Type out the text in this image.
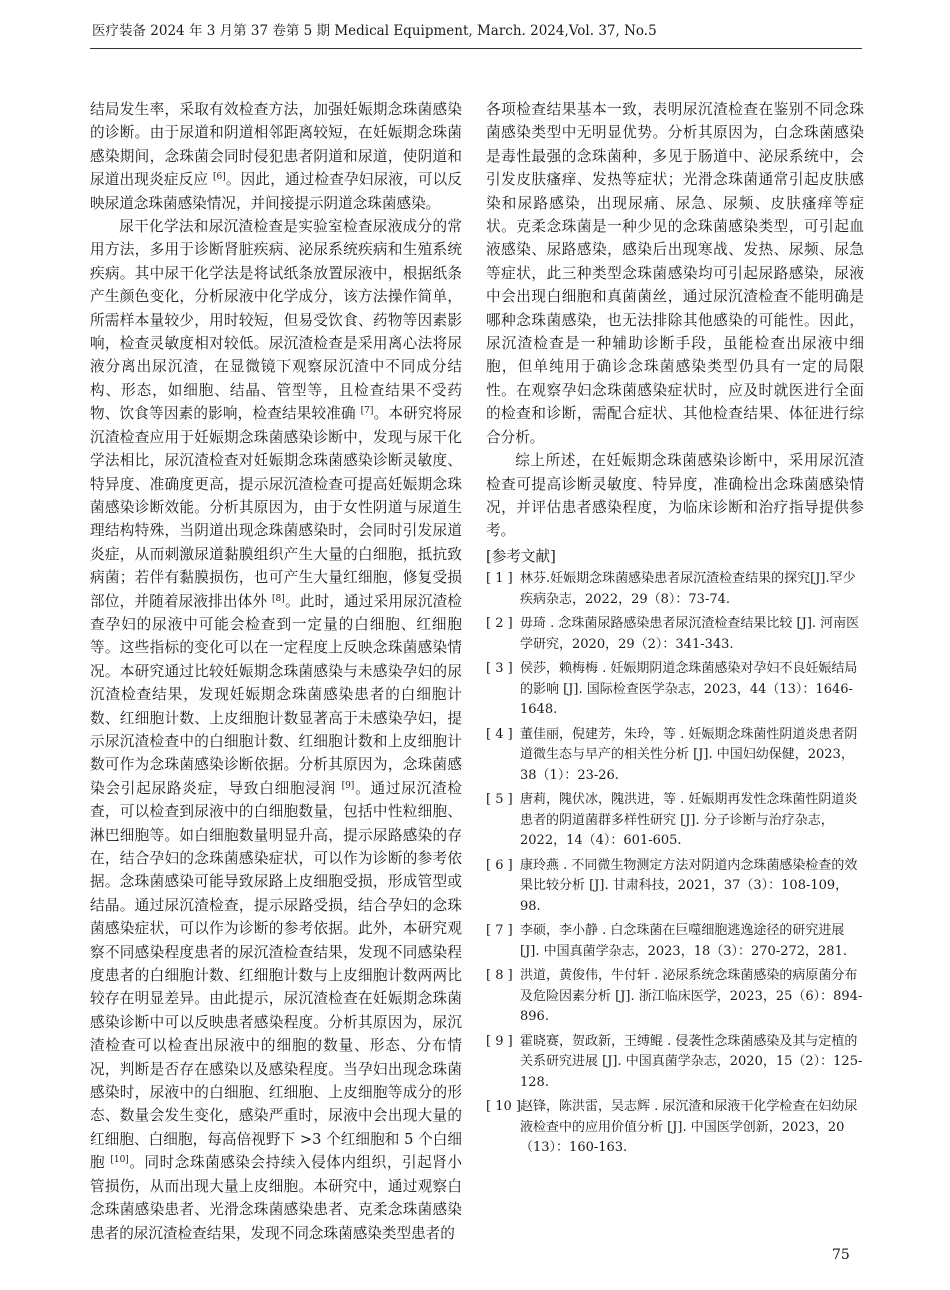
医疗装备 2024 年 3 月第 37 卷第 5 期 Medical Equipment, March. 2024,Vol. 37, No.5

结局发生率，采取有效检查方法，加强妊娠期念珠菌感染的诊断。由于尿道和阴道相邻距离较短，在妊娠期念珠菌感染期间，念珠菌会同时侵犯患者阴道和尿道，使阴道和尿道出现炎症反应 [6]。因此，通过检查孕妇尿液，可以反映尿道念珠菌感染情况，并间接提示阴道念珠菌感染。

尿干化学法和尿沉渣检查是实验室检查尿液成分的常用方法，多用于诊断肾脏疾病、泌尿系统疾病和生殖系统疾病。其中尿干化学法是将试纸条放置尿液中，根据纸条产生颜色变化，分析尿液中化学成分，该方法操作简单，所需样本量较少，用时较短，但易受饮食、药物等因素影响，检查灵敏度相对较低。尿沉渣检查是采用离心法将尿液分离出尿沉渣，在显微镜下观察尿沉渣中不同成分结构、形态，如细胞、结晶、管型等，且检查结果不受药物、饮食等因素的影响，检查结果较准确 [7]。本研究将尿沉渣检查应用于妊娠期念珠菌感染诊断中，发现与尿干化学法相比，尿沉渣检查对妊娠期念珠菌感染诊断灵敏度、特异度、准确度更高，提示尿沉渣检查可提高妊娠期念珠菌感染诊断效能。分析其原因为，由于女性阴道与尿道生理结构特殊，当阴道出现念珠菌感染时，会同时引发尿道炎症，从而刺激尿道黏膜组织产生大量的白细胞，抵抗致病菌；若伴有黏膜损伤，也可产生大量红细胞，修复受损部位，并随着尿液排出体外 [8]。此时，通过采用尿沉渣检查孕妇的尿液中可能会检查到一定量的白细胞、红细胞等。这些指标的变化可以在一定程度上反映念珠菌感染情况。本研究通过比较妊娠期念珠菌感染与未感染孕妇的尿沉渣检查结果，发现妊娠期念珠菌感染患者的白细胞计数、红细胞计数、上皮细胞计数显著高于未感染孕妇，提示尿沉渣检查中的白细胞计数、红细胞计数和上皮细胞计数可作为念珠菌感染诊断依据。分析其原因为，念珠菌感染会引起尿路炎症，导致白细胞浸润 [9]。通过尿沉渣检查，可以检查到尿液中的白细胞数量，包括中性粒细胞、淋巴细胞等。如白细胞数量明显升高，提示尿路感染的存在，结合孕妇的念珠菌感染症状，可以作为诊断的参考依据。念珠菌感染可能导致尿路上皮细胞受损，形成管型或结晶。通过尿沉渣检查，提示尿路受损，结合孕妇的念珠菌感染症状，可以作为诊断的参考依据。此外，本研究观察不同感染程度患者的尿沉渣检查结果，发现不同感染程度患者的白细胞计数、红细胞计数与上皮细胞计数两两比较存在明显差异。由此提示，尿沉渣检查在妊娠期念珠菌感染诊断中可以反映患者感染程度。分析其原因为，尿沉渣检查可以检查出尿液中的细胞的数量、形态、分布情况，判断是否存在感染以及感染程度。当孕妇出现念珠菌感染时，尿液中的白细胞、红细胞、上皮细胞等成分的形态、数量会发生变化，感染严重时，尿液中会出现大量的红细胞、白细胞，每高倍视野下 >3 个红细胞和 5 个白细胞 [10]。同时念珠菌感染会持续入侵体内组织，引起肾小管损伤，从而出现大量上皮细胞。本研究中，通过观察白念珠菌感染患者、光滑念珠菌感染患者、克柔念珠菌感染患者的尿沉渣检查结果，发现不同念珠菌感染类型患者的

各项检查结果基本一致，表明尿沉渣检查在鉴别不同念珠菌感染类型中无明显优势。分析其原因为，白念珠菌感染是毒性最强的念珠菌种，多见于肠道中、泌尿系统中，会引发皮肤瘙痒、发热等症状；光滑念珠菌通常引起皮肤感染和尿路感染，出现尿痛、尿急、尿频、皮肤瘙痒等症状。克柔念珠菌是一种少见的念珠菌感染类型，可引起血液感染、尿路感染，感染后出现寒战、发热、尿频、尿急等症状，此三种类型念珠菌感染均可引起尿路感染，尿液中会出现白细胞和真菌菌丝，通过尿沉渣检查不能明确是哪种念珠菌感染，也无法排除其他感染的可能性。因此，尿沉渣检查是一种辅助诊断手段，虽能检查出尿液中细胞，但单纯用于确诊念珠菌感染类型仍具有一定的局限性。在观察孕妇念珠菌感染症状时，应及时就医进行全面的检查和诊断，需配合症状、其他检查结果、体征进行综合分析。

综上所述，在妊娠期念珠菌感染诊断中，采用尿沉渣检查可提高诊断灵敏度、特异度，准确检出念珠菌感染情况，并评估患者感染程度，为临床诊断和治疗指导提供参考。

[参考文献]
[ 1 ] 林芬.妊娠期念珠菌感染患者尿沉渣检查结果的探究[J].罕少疾病杂志，2022，29（8）：73-74.
[ 2 ] 毋琦 . 念珠菌尿路感染患者尿沉渣检查结果比较 [J]. 河南医学研究，2020，29（2）：341-343.
[ 3 ] 侯莎，赖梅梅 . 妊娠期阴道念珠菌感染对孕妇不良妊娠结局的影响 [J]. 国际检查医学杂志，2023，44（13）：1646-1648.
[ 4 ] 董佳丽，倪建芳，朱玲，等 . 妊娠期念珠菌性阴道炎患者阴道微生态与早产的相关性分析 [J]. 中国妇幼保健，2023，38（1）：23-26.
[ 5 ] 唐莉，隗伏冰，隗洪进，等 . 妊娠期再发性念珠菌性阴道炎患者的阴道菌群多样性研究 [J]. 分子诊断与治疗杂志，2022，14（4）：601-605.
[ 6 ] 康玲燕 . 不同微生物测定方法对阴道内念珠菌感染检查的效果比较分析 [J]. 甘肃科技，2021，37（3）：108-109，98.
[ 7 ] 李硕，李小静 . 白念珠菌在巨噬细胞逃逸途径的研究进展 [J]. 中国真菌学杂志，2023，18（3）：270-272，281.
[ 8 ] 洪道，黄俊伟，牛付轩 . 泌尿系统念珠菌感染的病原菌分布及危险因素分析 [J]. 浙江临床医学，2023，25（6）：894-896.
[ 9 ] 霍晓赛，贺政新，王缚鲲 . 侵袭性念珠菌感染及其与定植的关系研究进展 [J]. 中国真菌学杂志，2020，15（2）：125-128.
[ 10 ] 赵锋，陈洪雷，吴志辉 . 尿沉渣和尿液干化学检查在妇幼尿液检查中的应用价值分析 [J]. 中国医学创新，2023，20（13）：160-163.
75
